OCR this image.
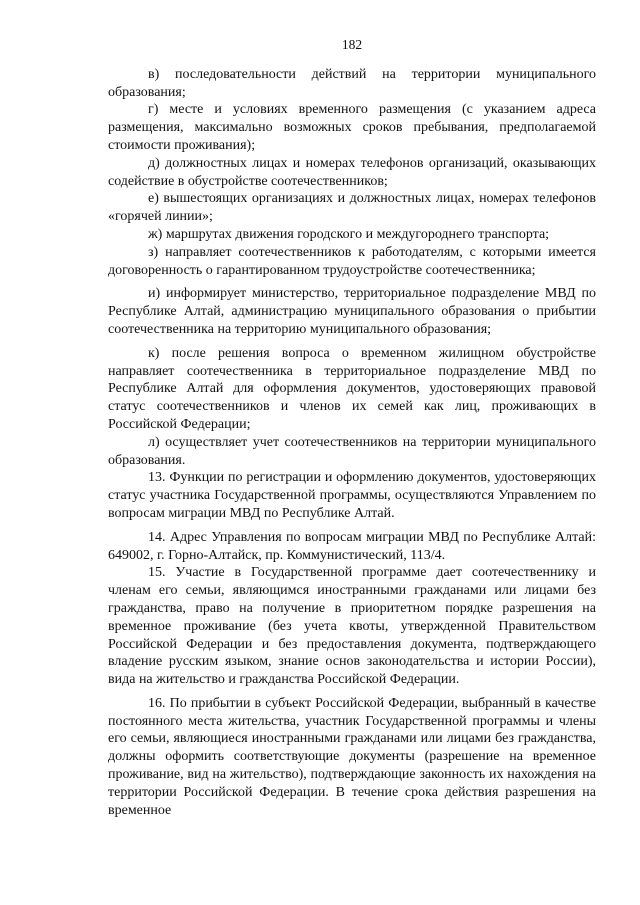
182

в) последовательности действий на территории муниципального образования;

г) месте и условиях временного размещения (с указанием адреса размещения, максимально возможных сроков пребывания, предполагаемой стоимости проживания);

д) должностных лицах и номерах телефонов организаций, оказывающих содействие в обустройстве соотечественников;

е) вышестоящих организациях и должностных лицах, номерах телефонов «горячей линии»;

ж) маршрутах движения городского и междугороднего транспорта;

з) направляет соотечественников к работодателям, с которыми имеется договоренность о гарантированном трудоустройстве соотечественника;

и) информирует министерство, территориальное подразделение МВД по Республике Алтай, администрацию муниципального образования о прибытии соотечественника на территорию муниципального образования;

к) после решения вопроса о временном жилищном обустройстве направляет соотечественника в территориальное подразделение МВД по Республике Алтай для оформления документов, удостоверяющих правовой статус соотечественников и членов их семей как лиц, проживающих в Российской Федерации;

л) осуществляет учет соотечественников на территории муниципального образования.

13. Функции по регистрации и оформлению документов, удостоверяющих статус участника Государственной программы, осуществляются Управлением по вопросам миграции МВД по Республике Алтай.

14. Адрес Управления по вопросам миграции МВД по Республике Алтай: 649002, г. Горно-Алтайск, пр. Коммунистический, 113/4.

15. Участие в Государственной программе дает соотечественнику и членам его семьи, являющимся иностранными гражданами или лицами без гражданства, право на получение в приоритетном порядке разрешения на временное проживание (без учета квоты, утвержденной Правительством Российской Федерации и без предоставления документа, подтверждающего владение русским языком, знание основ законодательства и истории России), вида на жительство и гражданства Российской Федерации.

16. По прибытии в субъект Российской Федерации, выбранный в качестве постоянного места жительства, участник Государственной программы и члены его семьи, являющиеся иностранными гражданами или лицами без гражданства, должны оформить соответствующие документы (разрешение на временное проживание, вид на жительство), подтверждающие законность их нахождения на территории Российской Федерации. В течение срока действия разрешения на временное
